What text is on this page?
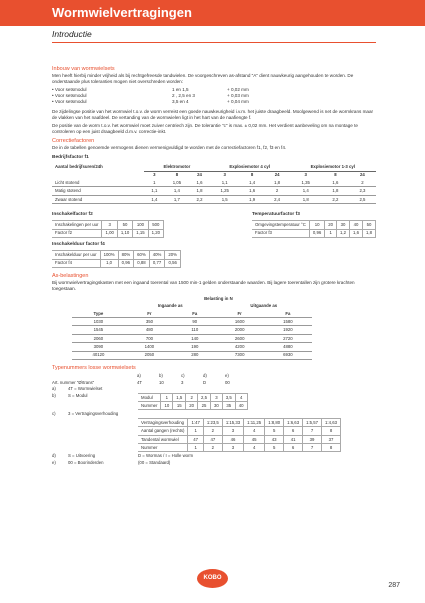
Wormwielvertragingen
Introductie
Inbouw van wormwielsets

Men heeft hierbij minder vrijheid als bij rechtgefreesde tandwielen. De voorgeschreven as-afstand "A" dient nauwkeurig aangehouden te worden. De onderstaande plus toleranties mogen niet overschreden worden:

• Voor setsmodul	1 en 1,5	+ 0,02 mm
• Voor setsmodul	2 , 2,5 en 3	+ 0,03 mm
• Voor setsmodul	3,5 en 4	+ 0,04 mm

De zijdelingse positie van het wormwiel t.o.v. de worm verreist een goede nauwkeurigheid i.v.m. het juiste draagbeeld. Moolgewend is net de wormkrans maar de vlakken van het naafdeel. De vertanding van de wormwielen ligt in het hart van de naafiengte f.

De positie van de worm t.o.v. het wormwiel moet zuiver centriech zijn. De tolerantie "c" is max. ± 0,02 mm. Het verdient aanbeveling om na montage te controleren op een juist draagbeeld d.m.v. correctie-inkt.

Correctiefactoren

De in de tabellen genoemde vermogens dienen vermenigvuldigd te worden met de correctiefactoren f1, f2, f3 en f4.

Bedrijfsfactor f1
Aantal bedrijfsuren/24h	Elektromotor			Explosiemotor 4 cyl			Explosiemotor 1-3 cyl		
	3	8	24	3	8	24	3	8	24
Licht stotend	1	1,05	1,6	1,1	1,4	1,8	1,35	1,6	2
Matig stotend	1,1	1,4	1,8	1,25	1,6	2	1,4	1,8	2,3
Zwaar stotend	1,4	1,7	2,2	1,5	1,9	2,4	1,8	2,2	2,5
Inschakelfactor f2
Inschakelingen per uur	3	50	100	500
Factor f2	1,00	1,10	1,15	1,20
Temperatuurfactor f3
Omgevingstemperatuur °C	10	20	30	40	50
Factor f3	0,96	1	1,2	1,6	1,8
Inschakelduur factor f4
Inschakelduur per uur	100%	80%	60%	40%	20%
Factor f4	1,0	0,96	0,88	0,77	0,56
As-belastingen

Bij wormwielvertragingskasten met een ingaand toerental van 1500 min-1 gelden onderstaande waarden. Bij lagere toerentallen zijn grotere krachten toegestaan.

	Belasting in N			
	Ingaande as		Uitgaande as	
Type	Fr	Fa	Fr	Fa
1030	350	90	1600	1580
1545	480	110	2000	1920
2060	700	140	2600	2720
3090	1400	190	4200	4880
40120	2050	280	7300	6930
Typenummers losse wormwielsets
a)	b)	c)	d)	e)
Art. nummer "Ørtrans"	4T	10	3	D	00
a)	4T = Wormwielset
b)	S = Modul	Modul	1	1,5	2	2,5	3	3,5	4
Nummer	10	15	20	25	30	35	40
c)	3 = Vertragingsverhouding
Vertragingsverhouding	1:47	1:23,5	1:15,33	1:11,25	1:8,80	1:6,63	1:5,57	1:4,63
Aantal gangen (rechts)	1	2	3	4	5	6	7	8
Tandental wormwiel	47	47	46	45	43	41	39	37
Nummer	1	2	3	4	5	6	7	8
d)	S = Uitvoering	D = Wormas / I = Holle worm
e)	00 = Boorinderden	(00 = Standaard)
KOBO
287
